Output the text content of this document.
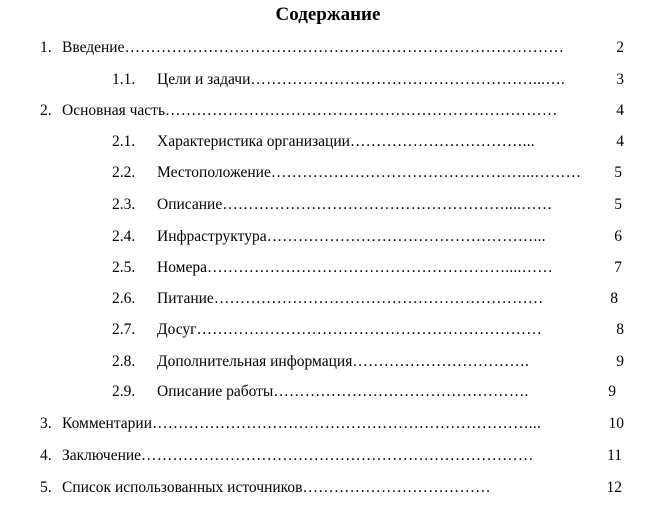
Содержание
1. Введение …………………………………………………………………………	2
1.1.	Цели и задачи ………………………………………………...….	3
2. Основная часть …………………………………………………………………	4
2.1.	Характеристика организации ……………………………...	4
2.2.	Местоположение …………………………………………...………	5
2.3.	Описание ………………………………………………....……	5
2.4.	Инфраструктура ……………………………………………...	6
2.5.	Номера …………………………………………………....……	7
2.6.	Питание ………………………………………………………	8
2.7.	Досуг …………………………………………………………	8
2.8.	Дополнительная информация …………………………….	9
2.9.	Описание работы ………………………………………….	9
3. Комментарии ………………………………………………………………...	10
4. Заключение …………………………………………………………………	11
5. Список использованных источников ………………………………	12
